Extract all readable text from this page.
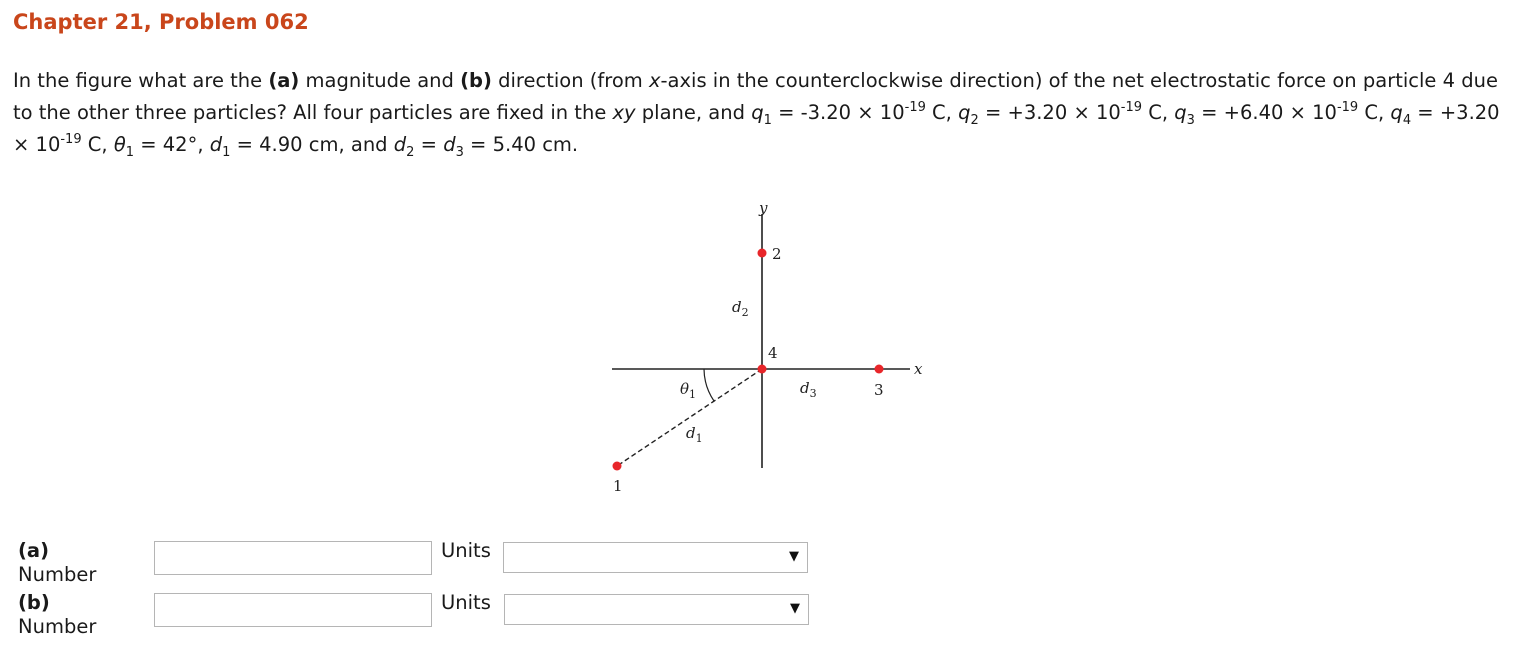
Chapter 21, Problem 062
In the figure what are the (a) magnitude and (b) direction (from x-axis in the counterclockwise direction) of the net electrostatic force on particle 4 due to the other three particles? All four particles are fixed in the xy plane, and $q_1 = -3.20 \times 10^{-19}$ C, $q_2 = +3.20 \times 10^{-19}$ C, $q_3 = +6.40 \times 10^{-19}$ C, $q_4 = +3.20 \times 10^{-19}$ C, $\theta_1 = 42^\circ$, $d_1 = 4.90$ cm, and $d_2 = d_3 = 5.40$ cm.
y
x
2
4
3
1
$d_2$
$d_3$
$d_1$
$\theta_1$
(a) Number
Units	▼
(b) Number
Units	▼
